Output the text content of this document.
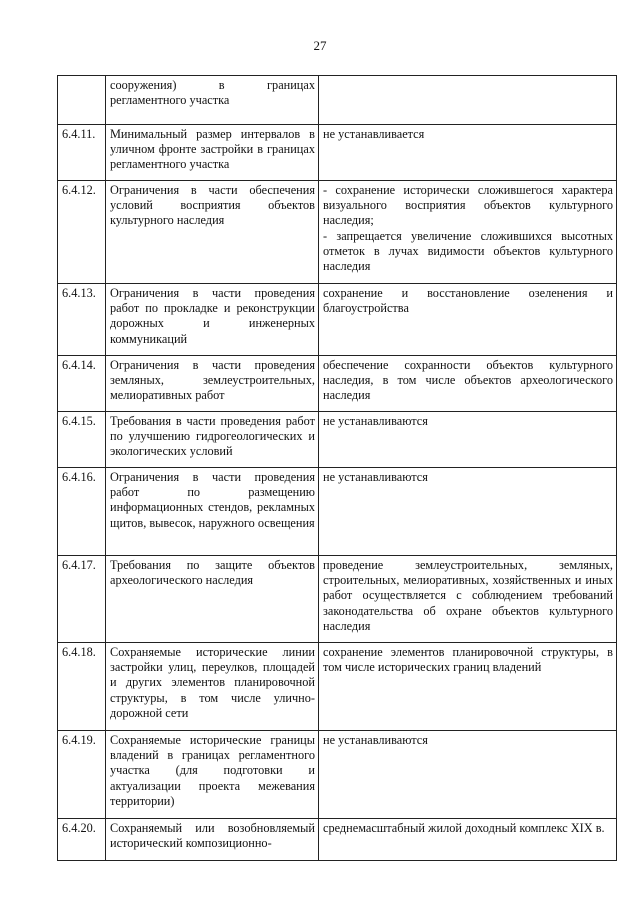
27
	сооружения) в границах регламентного участка	
6.4.11.	Минимальный размер интервалов в уличном фронте застройки в границах регламентного участка	не устанавливается

6.4.12.	Ограничения в части обеспечения условий восприятия объектов культурного наследия	- сохранение исторически сложившегося характера визуального восприятия объектов культурного наследия;
- запрещается увеличение сложившихся высотных отметок в лучах видимости объектов культурного наследия

6.4.13.	Ограничения в части проведения работ по прокладке и реконструкции дорожных и инженерных коммуникаций	сохранение и восстановление озеленения и благоустройства

6.4.14.	Ограничения в части проведения земляных, землеустроительных, мелиоративных работ	обеспечение сохранности объектов культурного наследия, в том числе объектов археологического наследия

6.4.15.	Требования в части проведения работ по улучшению гидрогеологических и экологических условий	не устанавливаются

6.4.16.	Ограничения в части проведения работ по размещению информационных стендов, рекламных щитов, вывесок, наружного освещения	не устанавливаются

6.4.17.	Требования по защите объектов археологического наследия	проведение землеустроительных, земляных, строительных, мелиоративных, хозяйственных и иных работ осуществляется с соблюдением требований законодательства об охране объектов культурного наследия

6.4.18.	Сохраняемые исторические линии застройки улиц, переулков, площадей и других элементов планировочной структуры, в том числе улично-дорожной сети	сохранение элементов планировочной структуры, в том числе исторических границ владений

6.4.19.	Сохраняемые исторические границы владений в границах регламентного участка (для подготовки и актуализации проекта межевания территории)	не устанавливаются

6.4.20.	Сохраняемый или возобновляемый исторический композиционно-	среднемасштабный жилой доходный комплекс XIX в.
